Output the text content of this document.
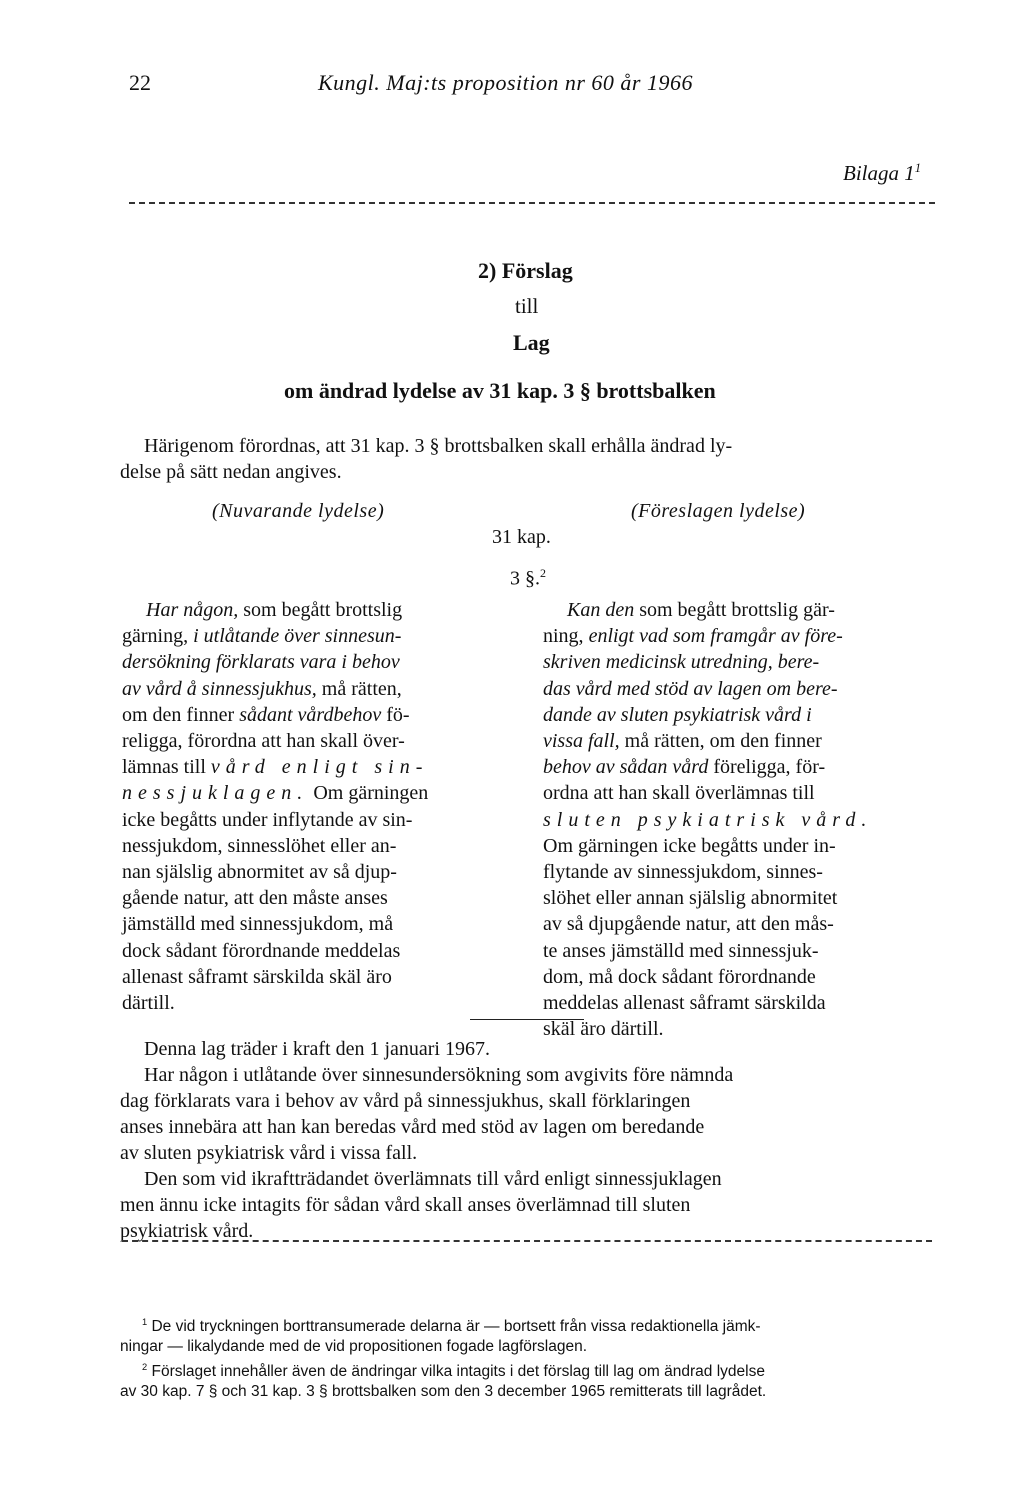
22	Kungl. Maj:ts proposition nr 60 år 1966
Bilaga $1^1$
2) Förslag
till
Lag
om ändrad lydelse av 31 kap. 3 § brottsbalken
Härigenom förordnas, att 31 kap. 3 § brottsbalken skall erhålla ändrad ly-
delse på sätt nedan angives.
(Nuvarande lydelse)	(Föreslagen lydelse)
31 kap.
3 §.$^2$
Har någon, som begått brottslig
gärning, i utlåtande över sinnesun-
dersökning förklarats vara i behov
av vård å sinnessjukhus, må rätten,
om den finner sådant vårdbehov fö-
religga, förordna att han skall över-
lämnas till vård enligt sin-
nessjuklagen. Om gärningen
icke begåtts under inflytande av sin-
nessjukdom, sinnesslöhet eller an-
nan själslig abnormitet av så djup-
gående natur, att den måste anses
jämställd med sinnessjukdom, må
dock sådant förordnande meddelas
allenast såframt särskilda skäl äro
därtill.
Kan den som begått brottslig gär-
ning, enligt vad som framgår av före-
skriven medicinsk utredning, bere-
das vård med stöd av lagen om bere-
dande av sluten psykiatrisk vård i
vissa fall, må rätten, om den finner
behov av sådan vård föreligga, för-
ordna att han skall överlämnas till
sluten psykiatrisk vård.
Om gärningen icke begåtts under in-
flytande av sinnessjukdom, sinnes-
slöhet eller annan själslig abnormitet
av så djupgående natur, att den mås-
te anses jämställd med sinnessjuk-
dom, må dock sådant förordnande
meddelas allenast såframt särskilda
skäl äro därtill.
Denna lag träder i kraft den 1 januari 1967.
Har någon i utlåtande över sinnesundersökning som avgivits före nämnda
dag förklarats vara i behov av vård på sinnessjukhus, skall förklaringen
anses innebära att han kan beredas vård med stöd av lagen om beredande
av sluten psykiatrisk vård i vissa fall.
Den som vid ikraftträdandet överlämnats till vård enligt sinnessjuklagen
men ännu icke intagits för sådan vård skall anses överlämnad till sluten
psykiatrisk vård.
$^1$ De vid tryckningen borttransumerade delarna är — bortsett från vissa redaktionella jämk-
ningar — likalydande med de vid propositionen fogade lagförslagen.
$^2$ Förslaget innehåller även de ändringar vilka intagits i det förslag till lag om ändrad lydelse
av 30 kap. 7 § och 31 kap. 3 § brottsbalken som den 3 december 1965 remitterats till lagrådet.
